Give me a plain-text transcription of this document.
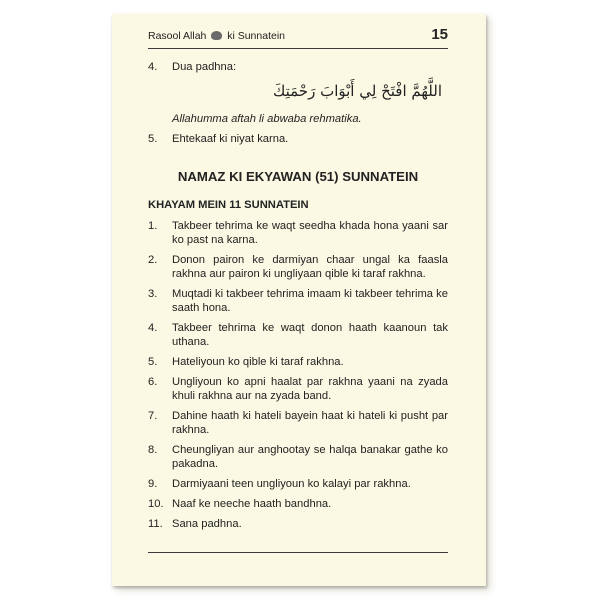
Rasool Allah ki Sunnatein	15
4. Dua padhna:
اللَّهُمَّ افْتَحْ لِي أَبْوَابَ رَحْمَتِكَ
Allahumma aftah li abwaba rehmatika.
5. Ehtekaaf ki niyat karna.
NAMAZ KI EKYAWAN (51) SUNNATEIN
KHAYAM MEIN 11 SUNNATEIN
1. Takbeer tehrima ke waqt seedha khada hona yaani sar ko past na karna.
2. Donon pairon ke darmiyan chaar ungal ka faasla rakhna aur pairon ki ungliyaan qible ki taraf rakhna.
3. Muqtadi ki takbeer tehrima imaam ki takbeer tehrima ke saath hona.
4. Takbeer tehrima ke waqt donon haath kaanoun tak uthana.
5. Hateliyoun ko qible ki taraf rakhna.
6. Ungliyoun ko apni haalat par rakhna yaani na zyada khuli rakhna aur na zyada band.
7. Dahine haath ki hateli bayein haat ki hateli ki pusht par rakhna.
8. Cheungliyan aur anghootay se halqa banakar gathe ko pakadna.
9. Darmiyaani teen ungliyoun ko kalayi par rakhna.
10. Naaf ke neeche haath bandhna.
11. Sana padhna.
